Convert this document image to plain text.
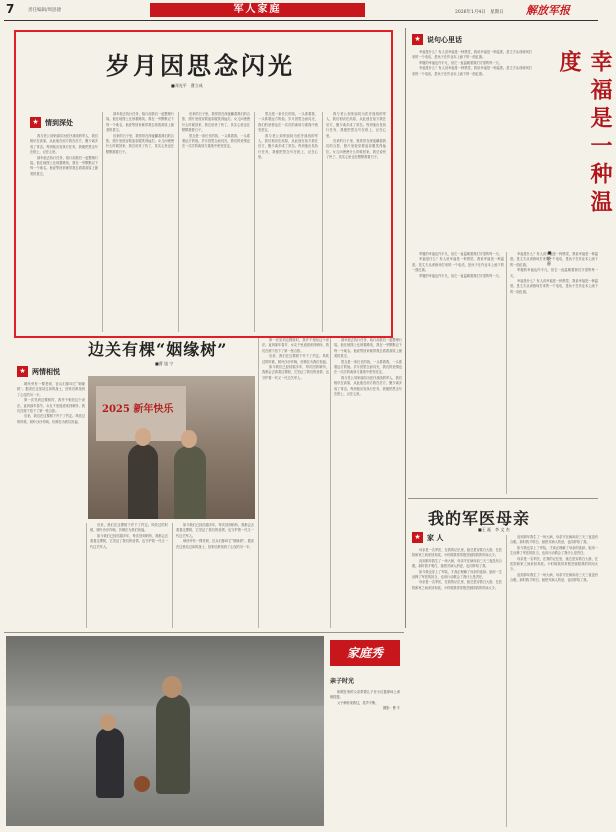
7	责任编辑/周思捷	军人家庭	2026年1月4日　星期日 解放军报
岁月因思念闪光
■邓光平　曹立成
★ 情到深处

我与老公刘家朋同为医疗战线的军人，我们相识在高原，从此他在前方我在后方，聚少离多成了常态。每到他出发执行任务，我便把思念写在纸上，记在心里。

那年他去执行任务，临行前我们一起整理行装。他在地图上比划着路线，我在一旁默默记下每一个地名。他说等回来就带我去看看高原上最美的星空。

那年他去执行任务，临行前我们一起整理行装。他在地图上比划着路线，我在一旁默默记下每一个地名。他说等回来就带我去看看高原上最美的星空。

后来的日子里，我常常在深夜翻看我们的合影，照片里他穿着迷彩服笑得灿烂。女儿问爸爸什么时候回来，我总说快了快了，其实心里也在默默数着日子。

后来的日子里，我常常在深夜翻看我们的合影，照片里他穿着迷彩服笑得灿烂。女儿问爸爸什么时候回来，我总说快了快了，其实心里也在默默数着日子。

思念是一条长长的线，一头系着我，一头系着远方的他。岁月因思念而闪光，我们的爱情也在一次次的离别与重逢中愈发坚定。

思念是一条长长的线，一头系着我，一头系着远方的他。岁月因思念而闪光，我们的爱情也在一次次的离别与重逢中愈发坚定。

我与老公刘家朋同为医疗战线的军人，我们相识在高原，从此他在前方我在后方，聚少离多成了常态。每到他出发执行任务，我便把思念写在纸上，记在心里。

我与老公刘家朋同为医疗战线的军人，我们相识在高原，从此他在前方我在后方，聚少离多成了常态。每到他出发执行任务，我便把思念写在纸上，记在心里。

后来的日子里，我常常在深夜翻看我们的合影，照片里他穿着迷彩服笑得灿烂。女儿问爸爸什么时候回来，我总说快了快了，其实心里也在默默数着日子。

边关有棵“姻缘树”
■曹 旭 宁
★ 两情相悦

哨所旁有一棵老树，官兵们都叫它“姻缘树”。据说在这里站过岗的战士，回家后都找到了心仪的另一半。

第一次见到这棵树时，我并不相信这个说法。直到那年春节，女友千里迢迢来到哨所，我们在树下拍下了第一张合影。

后来，我们在这棵树下许下了约定。风吹过的时候，树叶沙沙作响，仿佛在为我们祝福。

2025 新年快乐

后来，我们在这棵树下许下了约定。风吹过的时候，树叶沙沙作响，仿佛在为我们祝福。

如今我们已经结婚多年，每次回到哨所，我都会去看看这棵树，它见证了我们的爱情，也守护着一代又一代边关军人。

如今我们已经结婚多年，每次回到哨所，我都会去看看这棵树，它见证了我们的爱情，也守护着一代又一代边关军人。

哨所旁有一棵老树，官兵们都叫它“姻缘树”。据说在这里站过岗的战士，回家后都找到了心仪的另一半。

第一次见到这棵树时，我并不相信这个说法。直到那年春节，女友千里迢迢来到哨所，我们在树下拍下了第一张合影。

后来，我们在这棵树下许下了约定。风吹过的时候，树叶沙沙作响，仿佛在为我们祝福。

如今我们已经结婚多年，每次回到哨所，我都会去看看这棵树，它见证了我们的爱情，也守护着一代又一代边关军人。

那年他去执行任务，临行前我们一起整理行装。他在地图上比划着路线，我在一旁默默记下每一个地名。他说等回来就带我去看看高原上最美的星空。

思念是一条长长的线，一头系着我，一头系着远方的他。岁月因思念而闪光，我们的爱情也在一次次的离别与重逢中愈发坚定。

我与老公刘家朋同为医疗战线的军人，我们相识在高原，从此他在前方我在后方，聚少离多成了常态。每到他出发执行任务，我便把思念写在纸上，记在心里。

★ 说句心里话

幸福是什么？有人说幸福是一种感觉，我说幸福是一种温度。是丈夫从训练场打来的一个电话，是孩子在作业本上画下的一面红旗。

军嫂的幸福也许平凡，但它一直温暖着我们守望的每一天。

幸福是什么？有人说幸福是一种感觉，我说幸福是一种温度。是丈夫从训练场打来的一个电话，是孩子在作业本上画下的一面红旗。	幸福是一种温度
■ 晓 静

军嫂的幸福也许平凡，但它一直温暖着我们守望的每一天。

幸福是什么？有人说幸福是一种感觉，我说幸福是一种温度。是丈夫从训练场打来的一个电话，是孩子在作业本上画下的一面红旗。

军嫂的幸福也许平凡，但它一直温暖着我们守望的每一天。

幸福是什么？有人说幸福是一种感觉，我说幸福是一种温度。是丈夫从训练场打来的一个电话，是孩子在作业本上画下的一面红旗。

军嫂的幸福也许平凡，但它一直温暖着我们守望的每一天。

幸福是什么？有人说幸福是一种感觉，我说幸福是一种温度。是丈夫从训练场打来的一个电话，是孩子在作业本上画下的一面红旗。

我的军医母亲
■王 磊　李 文 杰
★ 家 人

母亲是一名军医，在我的记忆里，她总是穿着白大褂，在医院和家之间来回奔波。小时候我常常抱怨她陪我的时间太少。

直到那年我生了一场大病，母亲守在病床前三天三夜没有合眼。那时我才明白，她把对病人的爱，也同样给了我。

如今我也穿上了军装，才真正理解了母亲的选择。她用一生诠释了军医的担当，也用行动教会了我什么是责任。

母亲是一名军医，在我的记忆里，她总是穿着白大褂，在医院和家之间来回奔波。小时候我常常抱怨她陪我的时间太少。

直到那年我生了一场大病，母亲守在病床前三天三夜没有合眼。那时我才明白，她把对病人的爱，也同样给了我。

如今我也穿上了军装，才真正理解了母亲的选择。她用一生诠释了军医的担当，也用行动教会了我什么是责任。

母亲是一名军医，在我的记忆里，她总是穿着白大褂，在医院和家之间来回奔波。小时候我常常抱怨她陪我的时间太少。

直到那年我生了一场大病，母亲守在病床前三天三夜没有合眼。那时我才明白，她把对病人的爱，也同样给了我。

家庭秀
亲子时光

休假在家的父亲带着儿子在小区篮球场上训练投篮，

父子俩你来我往，笑声不断。

摄影：曹 宇
